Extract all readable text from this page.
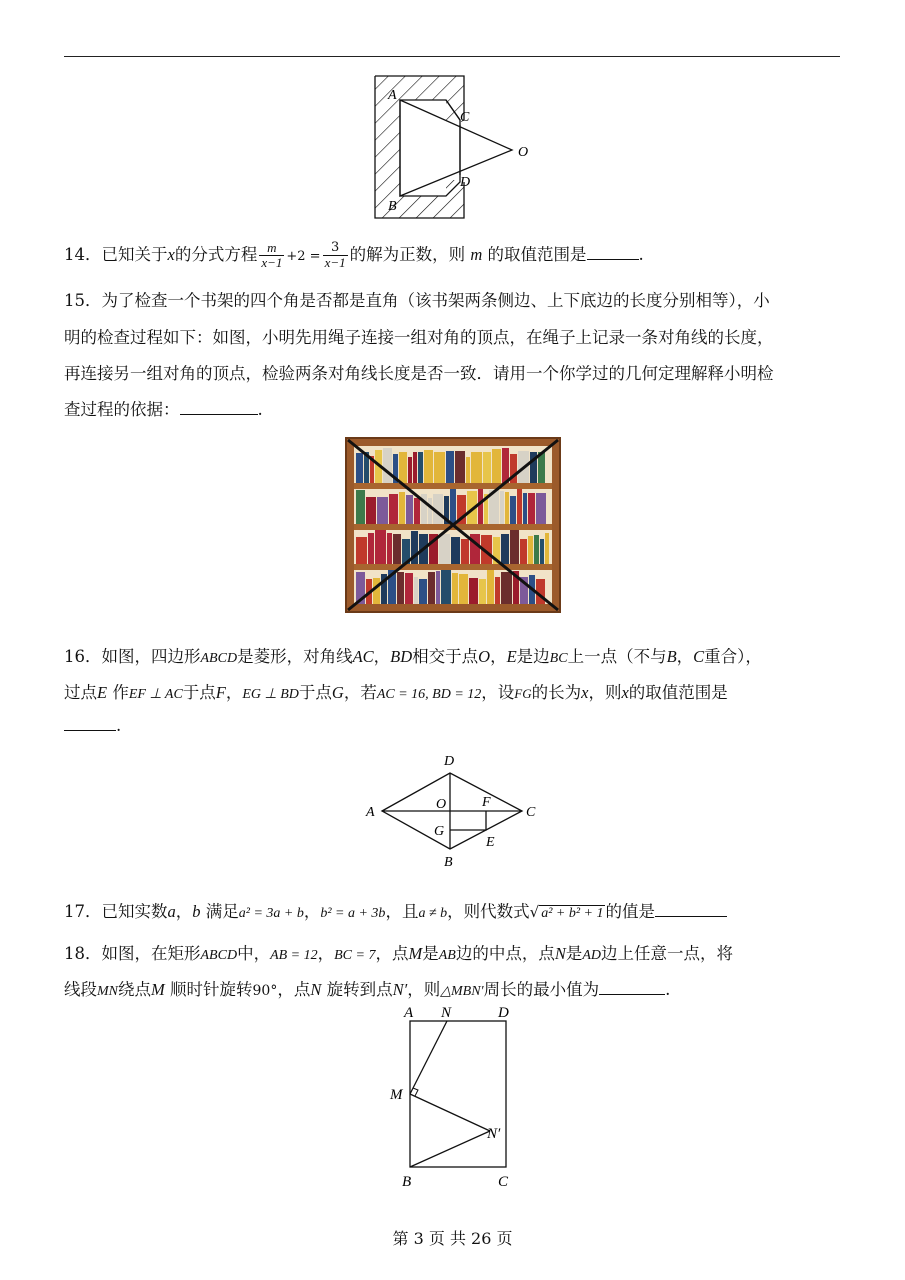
A
C
O
D
B
14．已知关于x的分式方程 $\frac{m}{x-1} +2 = \frac{3}{x-1}$ 的解为正数，则 m 的取值范围是	.
15．为了检查一个书架的四个角是否都是直角（该书架两条侧边、上下底边的长度分别相等），小
明的检查过程如下：如图，小明先用绳子连接一组对角的顶点，在绳子上记录一条对角线的长度，
再连接另一组对角的顶点，检验两条对角线长度是否一致．请用一个你学过的几何定理解释小明检
查过程的依据：	.
16．如图，四边形ABCD是菱形，对角线AC，BD相交于点O，E是边BC上一点（不与B，C重合），
过点E 作EF ⊥ AC于点F，EG ⊥ BD于点G，若AC = 16, BD = 12，设FG的长为x，则x的取值范围是
.
D
A
O	F
C
G
E
B
17．已知实数a，b 满足a² = 3a + b，b² = a + 3b，且a ≠ b，则代数式√ a² + b² + 1 的值是
18．如图，在矩形ABCD中，AB = 12，BC = 7，点M是AB边的中点，点N是AD边上任意一点，将
线段MN绕点M 顺时针旋转90°，点N 旋转到点N′，则△MBN′周长的最小值为	.
A N	D
M
N′
B	C
第 3 页 共 26 页
